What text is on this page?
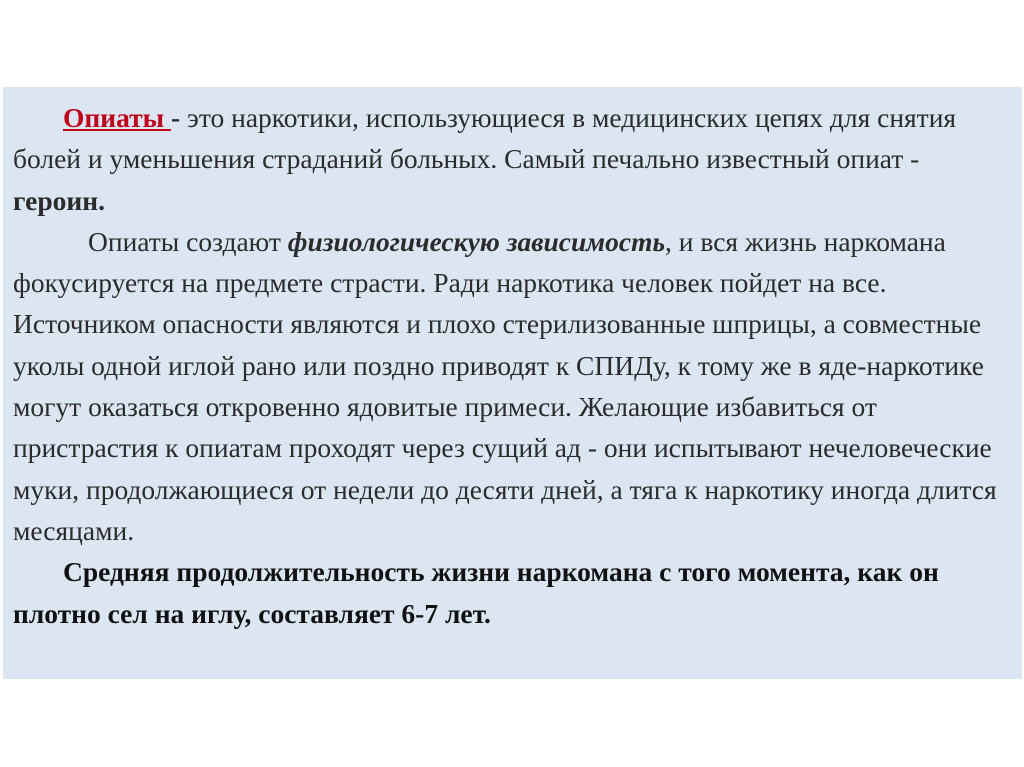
Опиаты - это наркотики, использующиеся в медицинских цепях для снятия болей и уменьшения страданий больных. Самый печально известный опиат - героин.

Опиаты создают физиологическую зависимость, и вся жизнь наркомана фокусируется на предмете страсти. Ради наркотика человек пойдет на все. Источником опасности являются и плохо стерилизованные шприцы, а совместные уколы одной иглой рано или поздно приводят к СПИДу, к тому же в яде-наркотике могут оказаться откровенно ядовитые примеси. Желающие избавиться от пристрастия к опиатам проходят через сущий ад - они испытывают нечеловеческие муки, продолжающиеся от недели до десяти дней, а тяга к наркотику иногда длится месяцами.

Средняя продолжительность жизни наркомана с того момента, как он плотно сел на иглу, составляет 6-7 лет.
